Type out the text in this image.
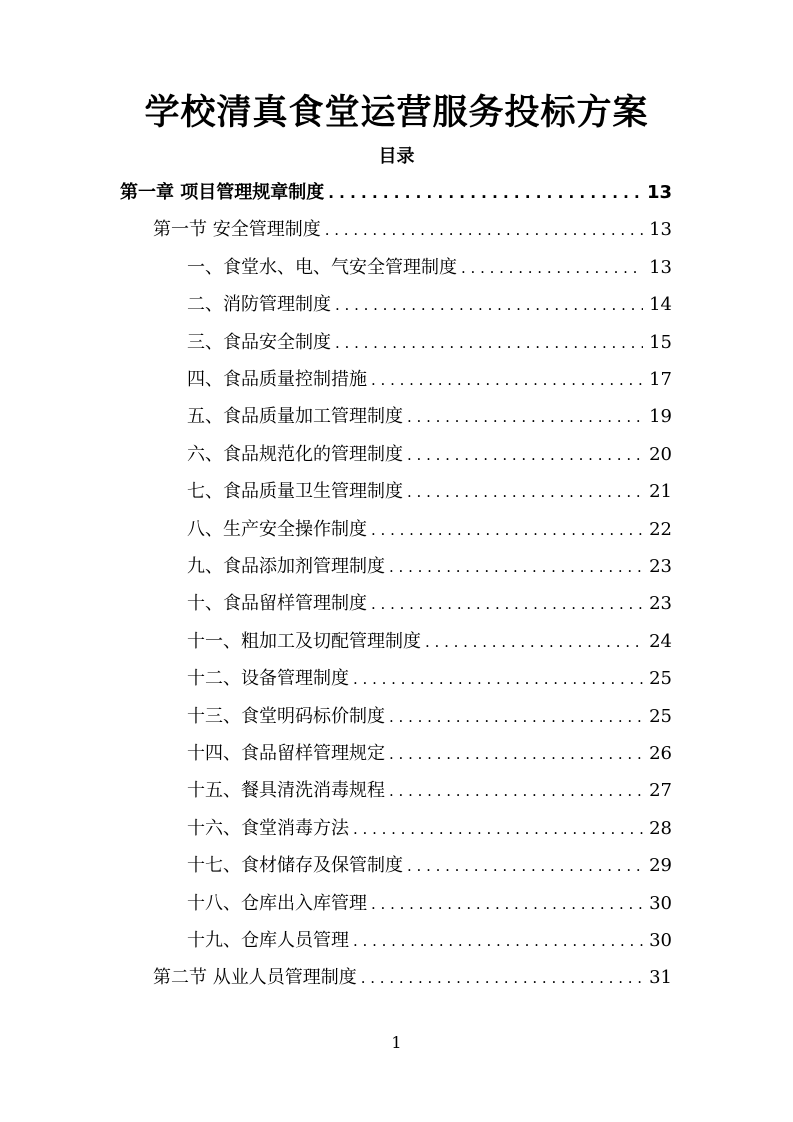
学校清真食堂运营服务投标方案
目录
第一章 项目管理规章制度 . . .	13
第一节 安全管理制度 . . .	13
一、食堂水、电、气安全管理制度 . . .	13
二、消防管理制度 . . .	14
三、食品安全制度 . . .	15
四、食品质量控制措施 . . .	17
五、食品质量加工管理制度 . . .	19
六、食品规范化的管理制度 . . .	20
七、食品质量卫生管理制度 . . .	21
八、生产安全操作制度 . . .	22
九、食品添加剂管理制度 . . .	23
十、食品留样管理制度 . . .	23
十一、粗加工及切配管理制度 . . .	24
十二、设备管理制度 . . .	25
十三、食堂明码标价制度 . . .	25
十四、食品留样管理规定 . . .	26
十五、餐具清洗消毒规程 . . .	27
十六、食堂消毒方法 . . .	28
十七、食材储存及保管制度 . . .	29
十八、仓库出入库管理 . . .	30
十九、仓库人员管理 . . .	30
第二节 从业人员管理制度 . . .	31
1
